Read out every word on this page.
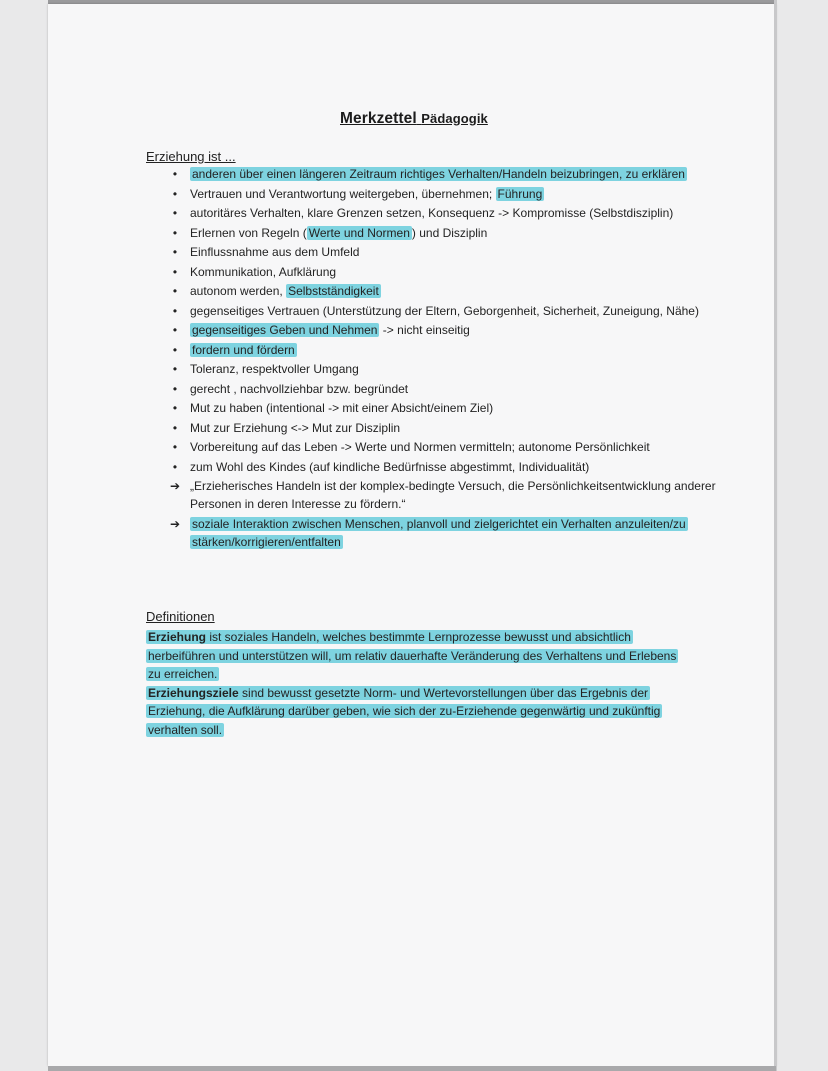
Merkzettel Pädagogik
Erziehung ist ...
•	anderen über einen längeren Zeitraum richtiges Verhalten/Handeln beizubringen, zu erklären
•	Vertrauen und Verantwortung weitergeben, übernehmen; Führung
•	autoritäres Verhalten, klare Grenzen setzen, Konsequenz -> Kompromisse (Selbstdisziplin)
•	Erlernen von Regeln ( Werte und Normen ) und Disziplin
•	Einflussnahme aus dem Umfeld
•	Kommunikation, Aufklärung
•	autonom werden, Selbstständigkeit
•	gegenseitiges Vertrauen (Unterstützung der Eltern, Geborgenheit, Sicherheit, Zuneigung, Nähe)
•	gegenseitiges Geben und Nehmen -> nicht einseitig
•	fordern und fördern
•	Toleranz, respektvoller Umgang
•	gerecht , nachvollziehbar bzw. begründet
•	Mut zu haben (intentional -> mit einer Absicht/einem Ziel)
•	Mut zur Erziehung <-> Mut zur Disziplin
•	Vorbereitung auf das Leben -> Werte und Normen vermitteln; autonome Persönlichkeit
•	zum Wohl des Kindes (auf kindliche Bedürfnisse abgestimmt, Individualität)
➔ „Erzieherisches Handeln ist der komplex-bedingte Versuch, die Persönlichkeitsentwicklung anderer Personen in deren Interesse zu fördern.“
➔ soziale Interaktion zwischen Menschen, planvoll und zielgerichtet ein Verhalten anzuleiten/zu stärken/korrigieren/entfalten
Definitionen

Erziehung ist soziales Handeln, welches bestimmte Lernprozesse bewusst und absichtlich herbeiführen und unterstützen will, um relativ dauerhafte Veränderung des Verhaltens und Erlebens zu erreichen.
Erziehungsziele sind bewusst gesetzte Norm- und Wertevorstellungen über das Ergebnis der Erziehung, die Aufklärung darüber geben, wie sich der zu-Erziehende gegenwärtig und zukünftig verhalten soll.
